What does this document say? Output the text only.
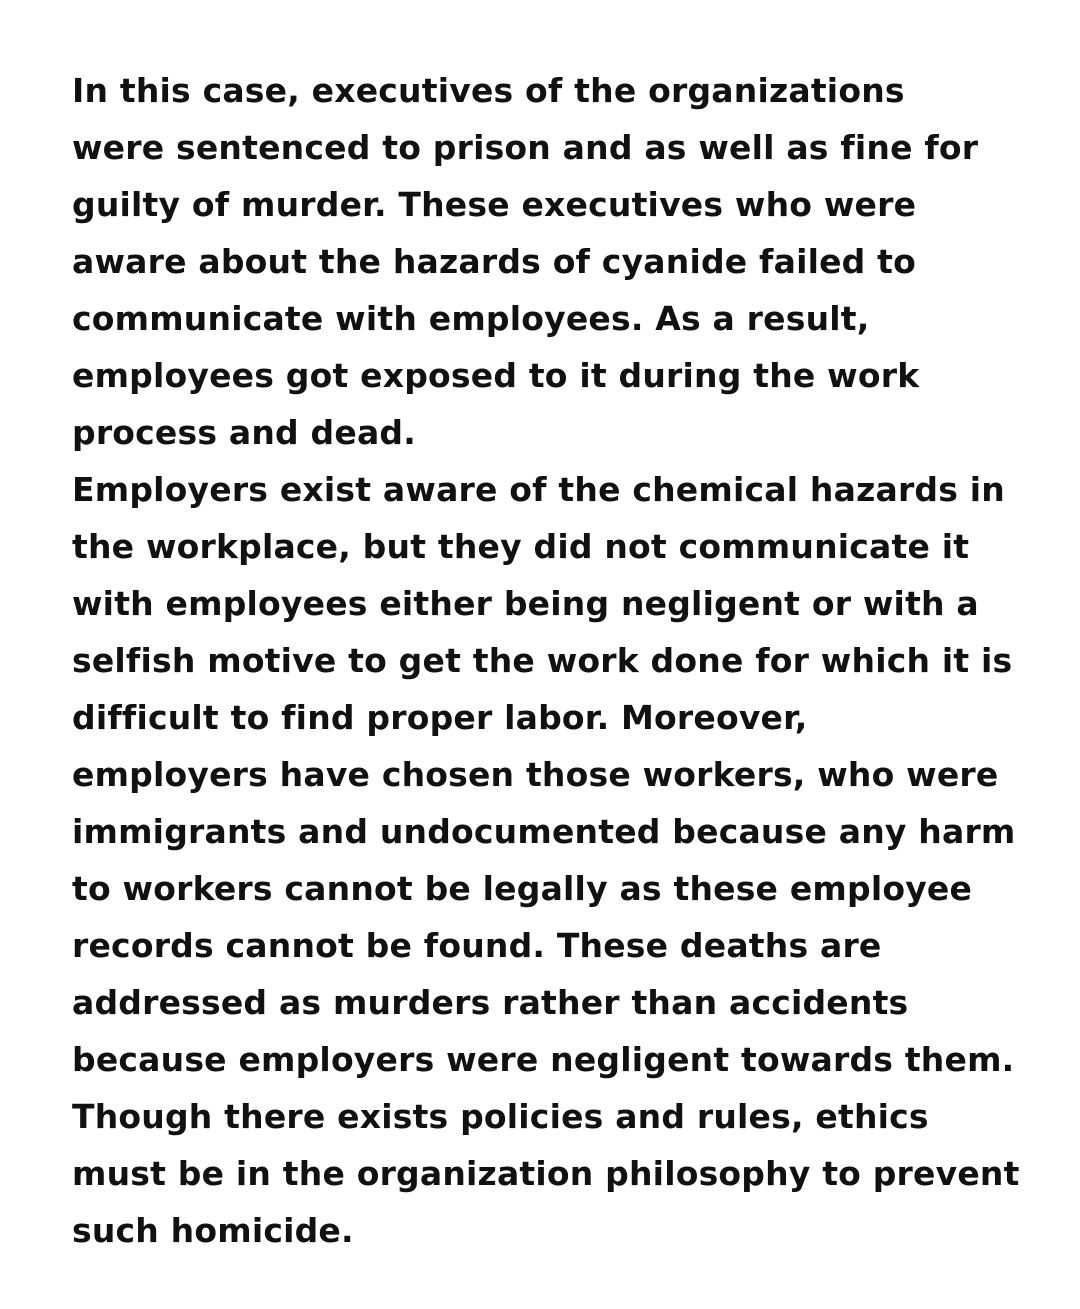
In this case, executives of the organizations
were sentenced to prison and as well as fine for
guilty of murder. These executives who were
aware about the hazards of cyanide failed to
communicate with employees. As a result,
employees got exposed to it during the work
process and dead.
Employers exist aware of the chemical hazards in
the workplace, but they did not communicate it
with employees either being negligent or with a
selfish motive to get the work done for which it is
difficult to find proper labor. Moreover,
employers have chosen those workers, who were
immigrants and undocumented because any harm
to workers cannot be legally as these employee
records cannot be found. These deaths are
addressed as murders rather than accidents
because employers were negligent towards them.
Though there exists policies and rules, ethics
must be in the organization philosophy to prevent
such homicide.
